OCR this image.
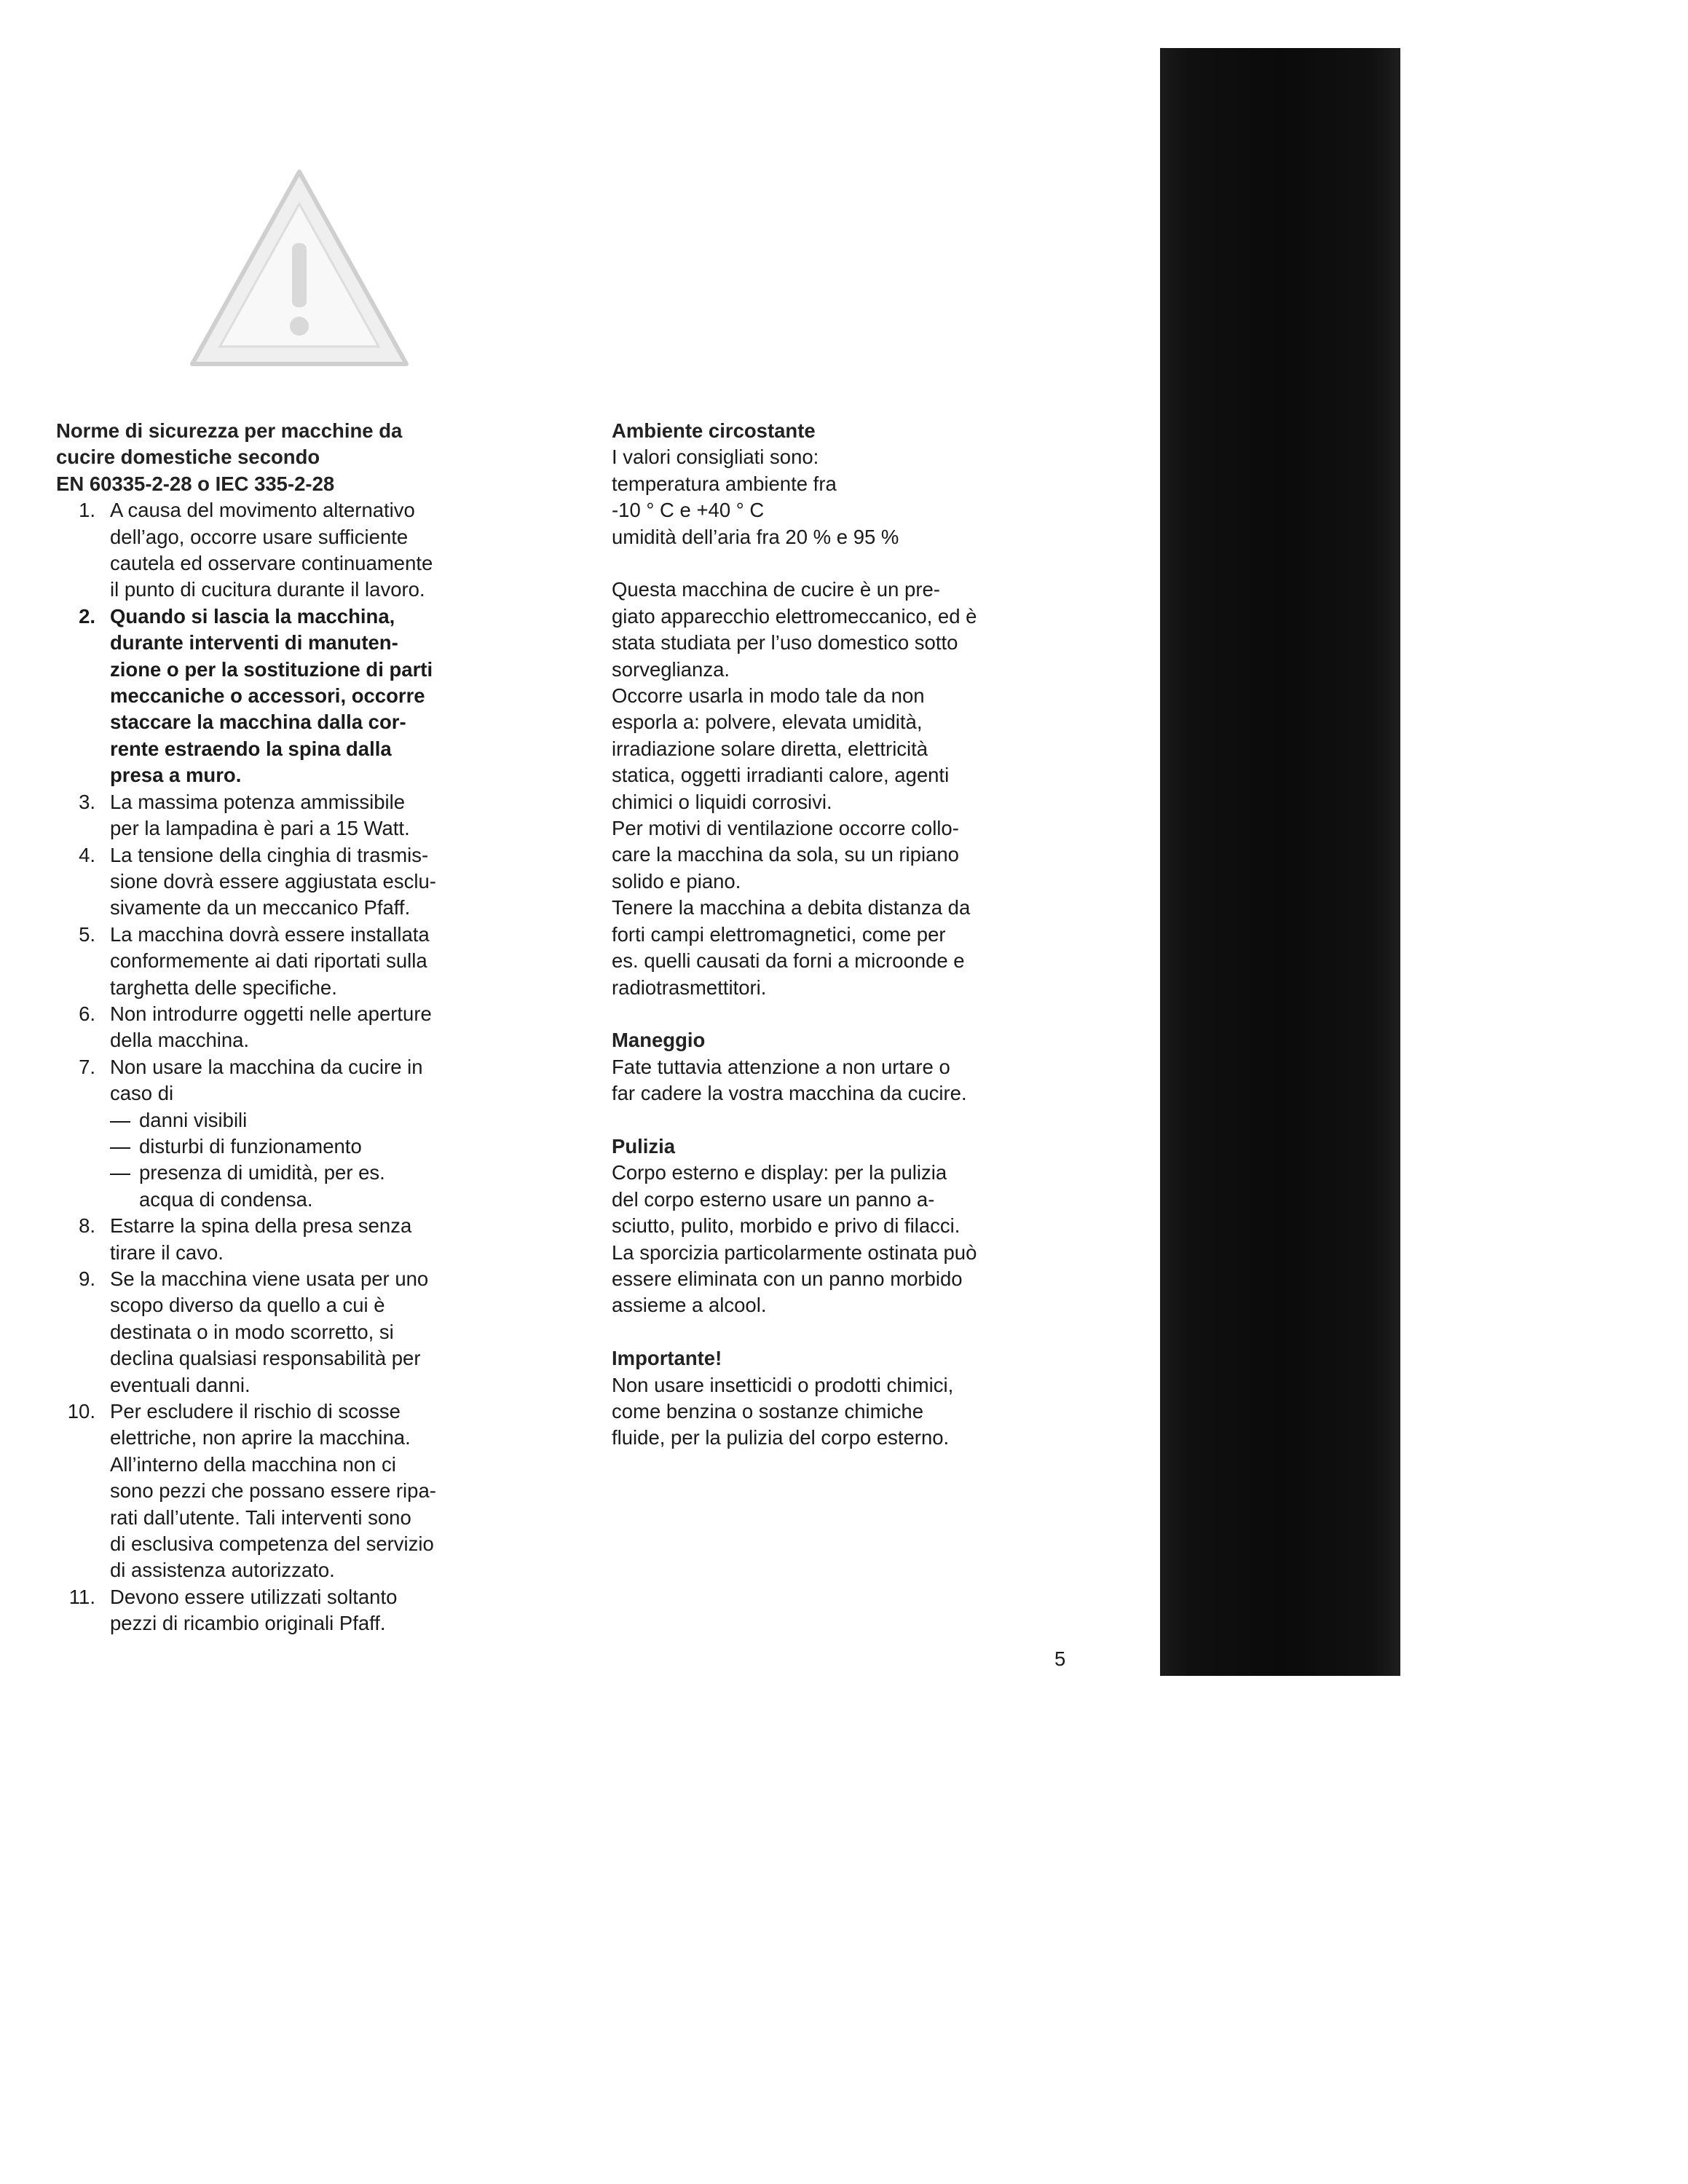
Norme di sicurezza per macchine da
cucire domestiche secondo
EN 60335-2-28 o IEC 335-2-28
1. A causa del movimento alternativo
dell’ago, occorre usare sufficiente
cautela ed osservare continuamente
il punto di cucitura durante il lavoro.
2. Quando si lascia la macchina,
durante interventi di manuten-
zione o per la sostituzione di parti
meccaniche o accessori, occorre
staccare la macchina dalla cor-
rente estraendo la spina dalla
presa a muro.
3. La massima potenza ammissibile
per la lampadina è pari a 15 Watt.
4. La tensione della cinghia di trasmis-
sione dovrà essere aggiustata esclu-
sivamente da un meccanico Pfaff.
5. La macchina dovrà essere installata
conformemente ai dati riportati sulla
targhetta delle specifiche.
6. Non introdurre oggetti nelle aperture
della macchina.
7. Non usare la macchina da cucire in
caso di
danni visibili
disturbi di funzionamento
presenza di umidità, per es.
acqua di condensa.
8. Estarre la spina della presa senza
tirare il cavo.
9. Se la macchina viene usata per uno
scopo diverso da quello a cui è
destinata o in modo scorretto, si
declina qualsiasi responsabilità per
eventuali danni.
10. Per escludere il rischio di scosse
elettriche, non aprire la macchina.
All’interno della macchina non ci
sono pezzi che possano essere ripa-
rati dall’utente. Tali interventi sono
di esclusiva competenza del servizio
di assistenza autorizzato.
11. Devono essere utilizzati soltanto
pezzi di ricambio originali Pfaff.
Ambiente circostante
I valori consigliati sono:
temperatura ambiente fra
-10 ° C e +40 ° C
umidità dell’aria fra 20 % e 95 %
Questa macchina de cucire è un pre-
giato apparecchio elettromeccanico, ed è
stata studiata per l’uso domestico sotto
sorveglianza.
Occorre usarla in modo tale da non
esporla a: polvere, elevata umidità,
irradiazione solare diretta, elettricità
statica, oggetti irradianti calore, agenti
chimici o liquidi corrosivi.
Per motivi di ventilazione occorre collo-
care la macchina da sola, su un ripiano
solido e piano.
Tenere la macchina a debita distanza da
forti campi elettromagnetici, come per
es. quelli causati da forni a microonde e
radiotrasmettitori.
Maneggio
Fate tuttavia attenzione a non urtare o
far cadere la vostra macchina da cucire.
Pulizia
Corpo esterno e display: per la pulizia
del corpo esterno usare un panno a-
sciutto, pulito, morbido e privo di filacci.
La sporcizia particolarmente ostinata può
essere eliminata con un panno morbido
assieme a alcool.
Importante!
Non usare insetticidi o prodotti chimici,
come benzina o sostanze chimiche
fluide, per la pulizia del corpo esterno.
5
